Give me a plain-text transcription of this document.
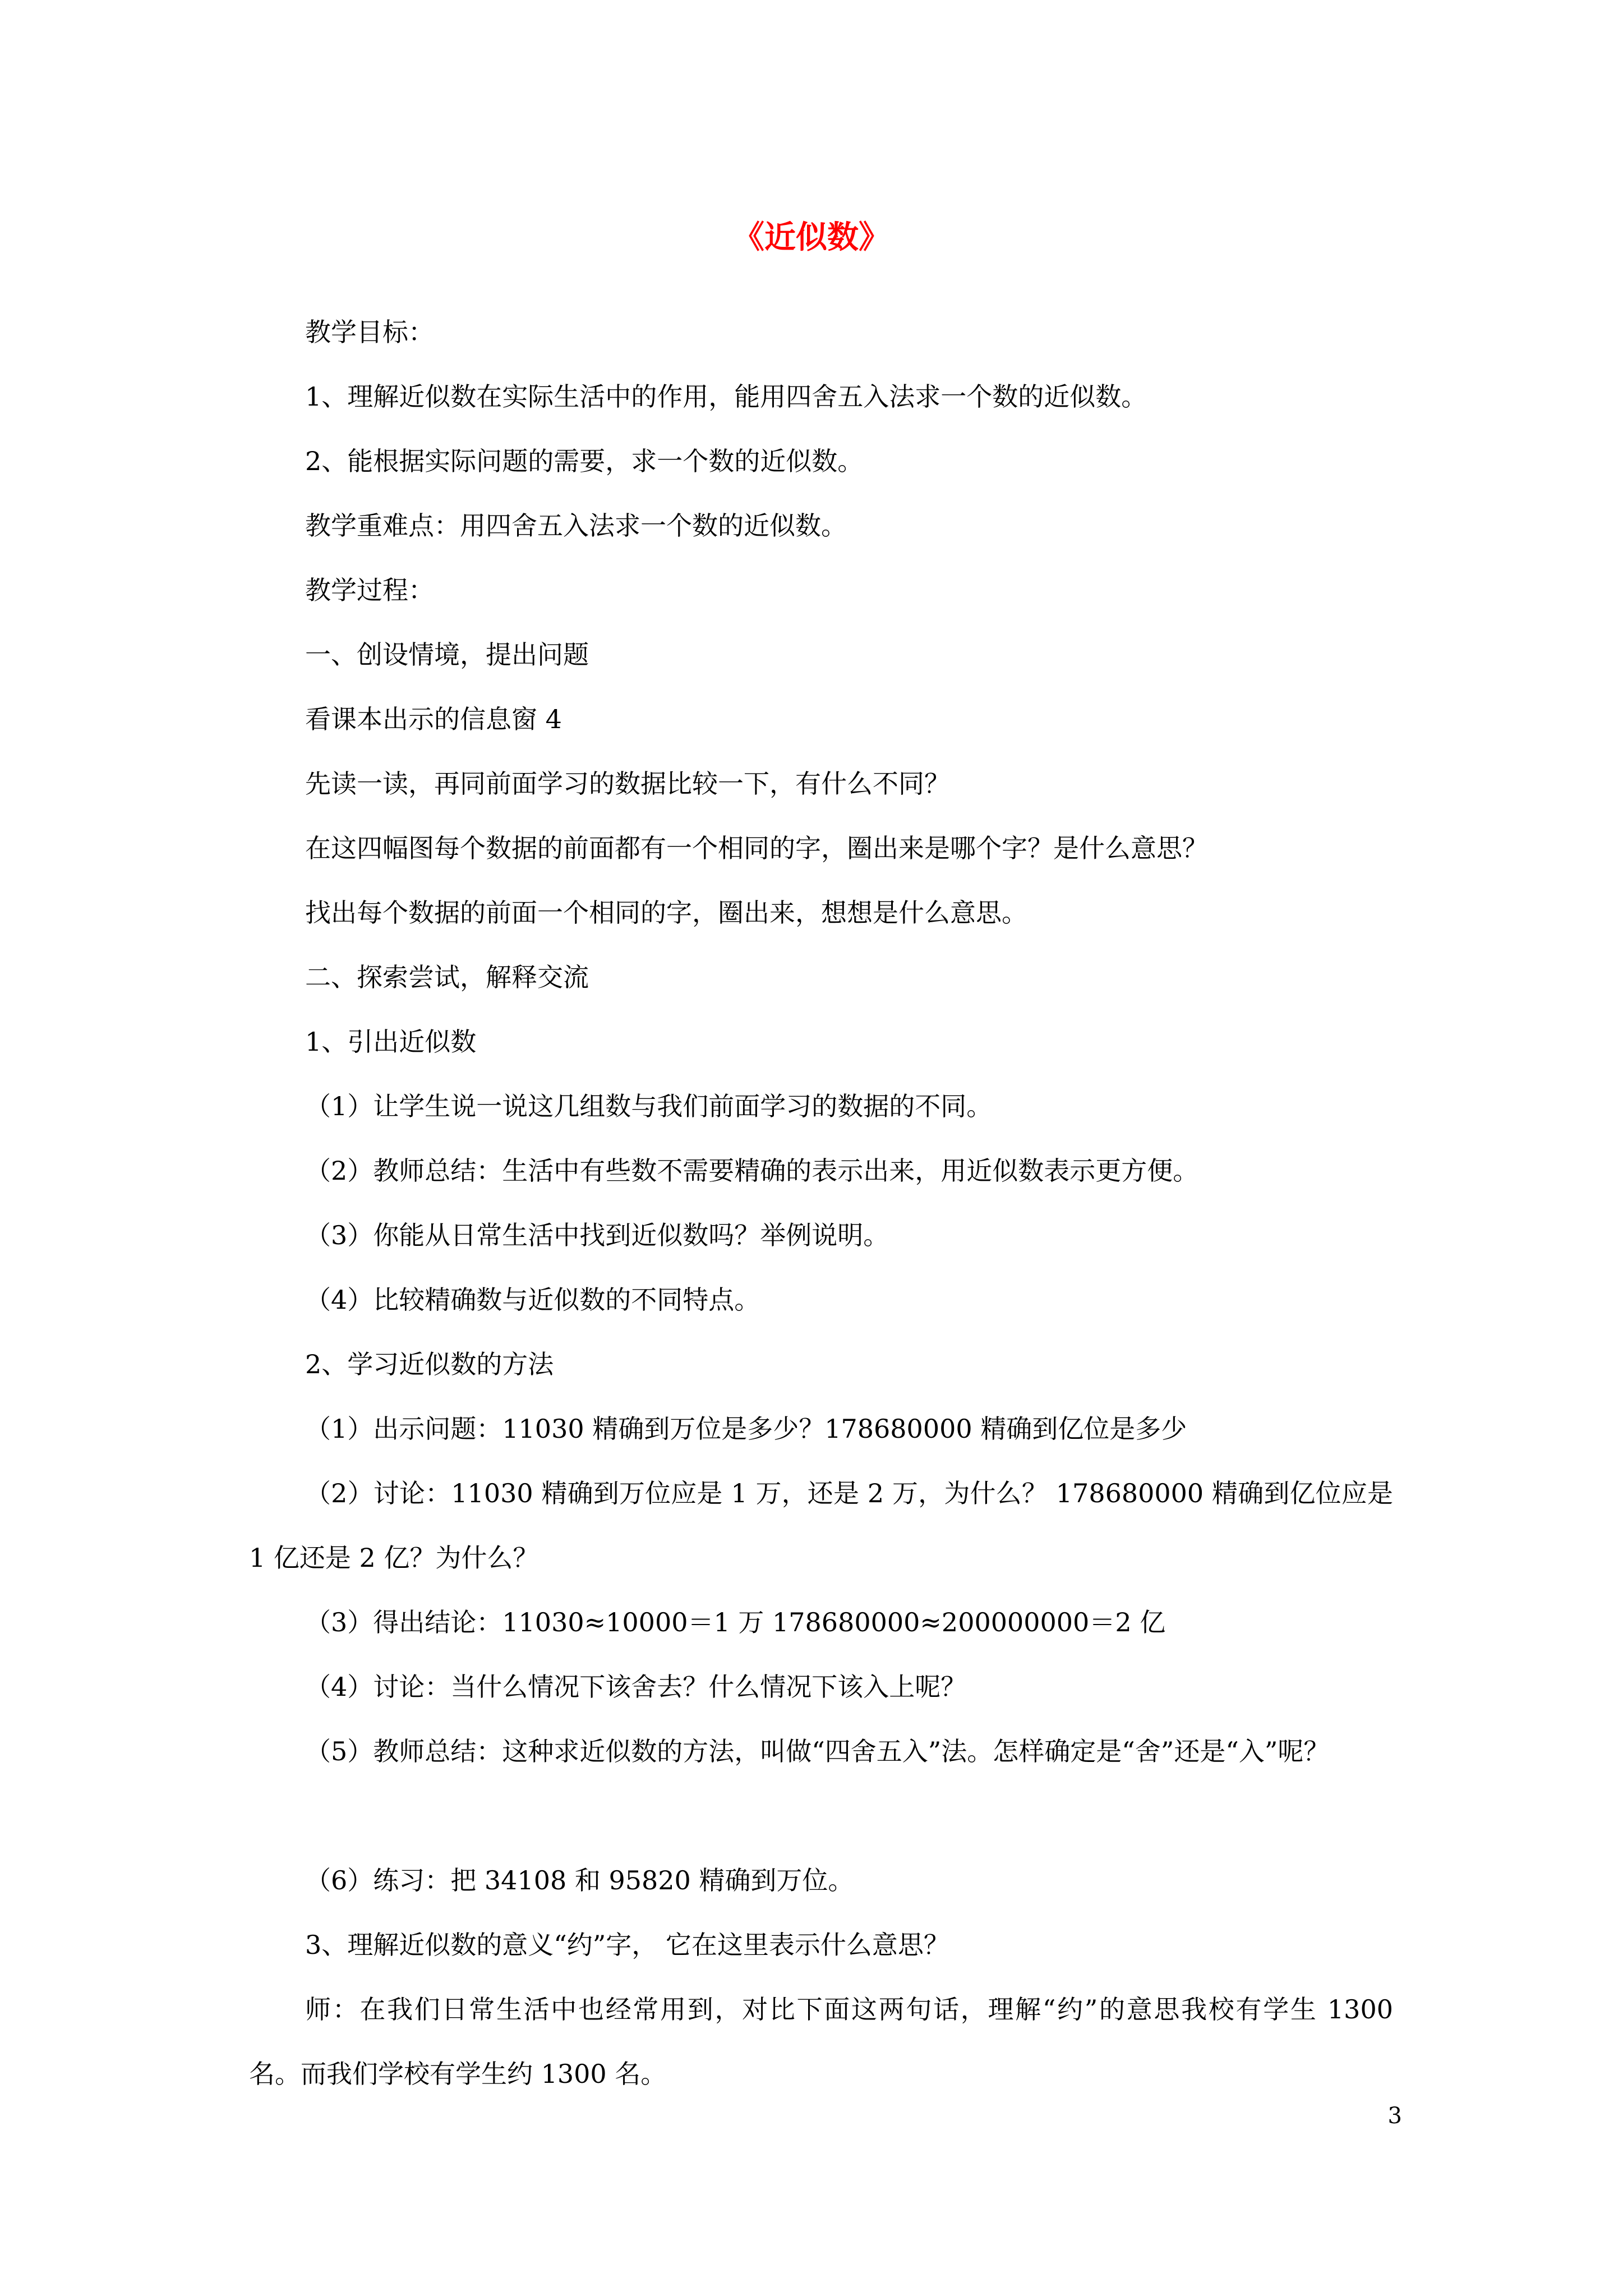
《近似数》
教学目标：
1、理解近似数在实际生活中的作用，能用四舍五入法求一个数的近似数。
2、能根据实际问题的需要，求一个数的近似数。
教学重难点：用四舍五入法求一个数的近似数。
教学过程：
一、创设情境，提出问题
看课本出示的信息窗 4
先读一读，再同前面学习的数据比较一下，有什么不同？
在这四幅图每个数据的前面都有一个相同的字，圈出来是哪个字？是什么意思？
找出每个数据的前面一个相同的字，圈出来，想想是什么意思。
二、探索尝试，解释交流
1、引出近似数
（1）让学生说一说这几组数与我们前面学习的数据的不同。
（2）教师总结：生活中有些数不需要精确的表示出来，用近似数表示更方便。
（3）你能从日常生活中找到近似数吗？举例说明。
（4）比较精确数与近似数的不同特点。
2、学习近似数的方法
（1）出示问题：11030 精确到万位是多少？178680000 精确到亿位是多少
（2）讨论：11030 精确到万位应是 1 万，还是 2 万，为什么？ 178680000 精确到亿位应是 1 亿还是 2 亿？为什么？
（3）得出结论：11030≈10000＝1 万 178680000≈200000000＝2 亿
（4）讨论：当什么情况下该舍去？什么情况下该入上呢？
（5）教师总结：这种求近似数的方法，叫做“四舍五入”法。怎样确定是“舍”还是“入”呢？
（6）练习：把 34108 和 95820 精确到万位。
3、理解近似数的意义“约”字， 它在这里表示什么意思？
师：在我们日常生活中也经常用到，对比下面这两句话，理解“约”的意思我校有学生 1300 名。而我们学校有学生约 1300 名。
3
